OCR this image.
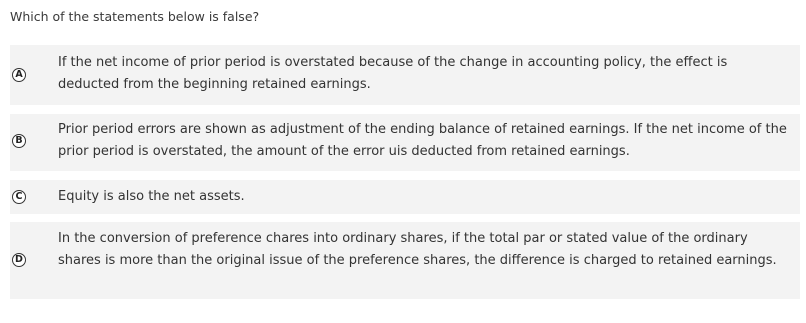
Which of the statements below is false?
A
If the net income of prior period is overstated because of the change in accounting policy, the effect is deducted from the beginning retained earnings.
B
Prior period errors are shown as adjustment of the ending balance of retained earnings. If the net income of the prior period is overstated, the amount of the error uis deducted from retained earnings.
C	Equity is also the net assets.
D
In the conversion of preference chares into ordinary shares, if the total par or stated value of the ordinary shares is more than the original issue of the preference shares, the difference is charged to retained earnings.
